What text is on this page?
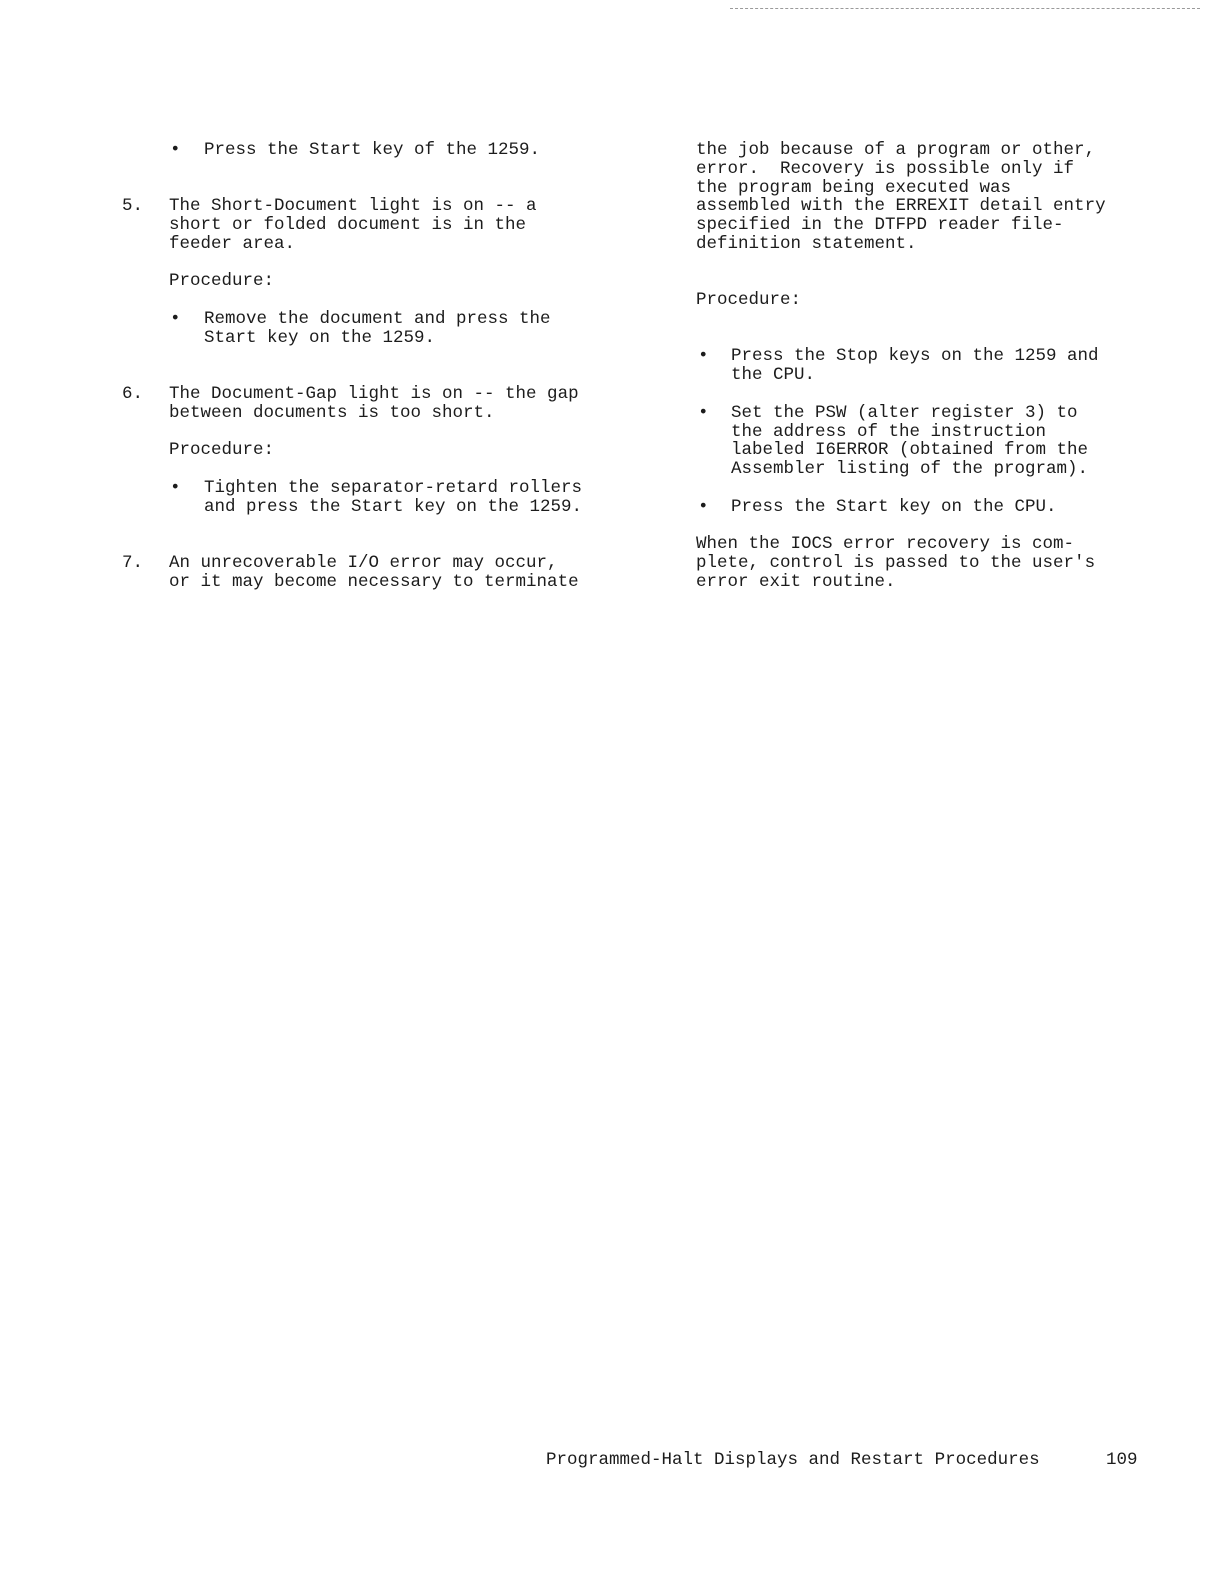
• Press the Start key of the 1259.
5. The Short-Document light is on -- a
short or folded document is in the
feeder area.
Procedure:
• Remove the document and press the
Start key on the 1259.
6. The Document-Gap light is on -- the gap
between documents is too short.
Procedure:
• Tighten the separator-retard rollers
and press the Start key on the 1259.
7. An unrecoverable I/O error may occur,
or it may become necessary to terminate
the job because of a program or other,
error.  Recovery is possible only if
the program being executed was
assembled with the ERREXIT detail entry
specified in the DTFPD reader file-
definition statement.
Procedure:
• Press the Stop keys on the 1259 and
the CPU.
• Set the PSW (alter register 3) to
the address of the instruction
labeled I6ERROR (obtained from the
Assembler listing of the program).
• Press the Start key on the CPU.
When the IOCS error recovery is com-
plete, control is passed to the user's
error exit routine.
Programmed-Halt Displays and Restart Procedures	109
